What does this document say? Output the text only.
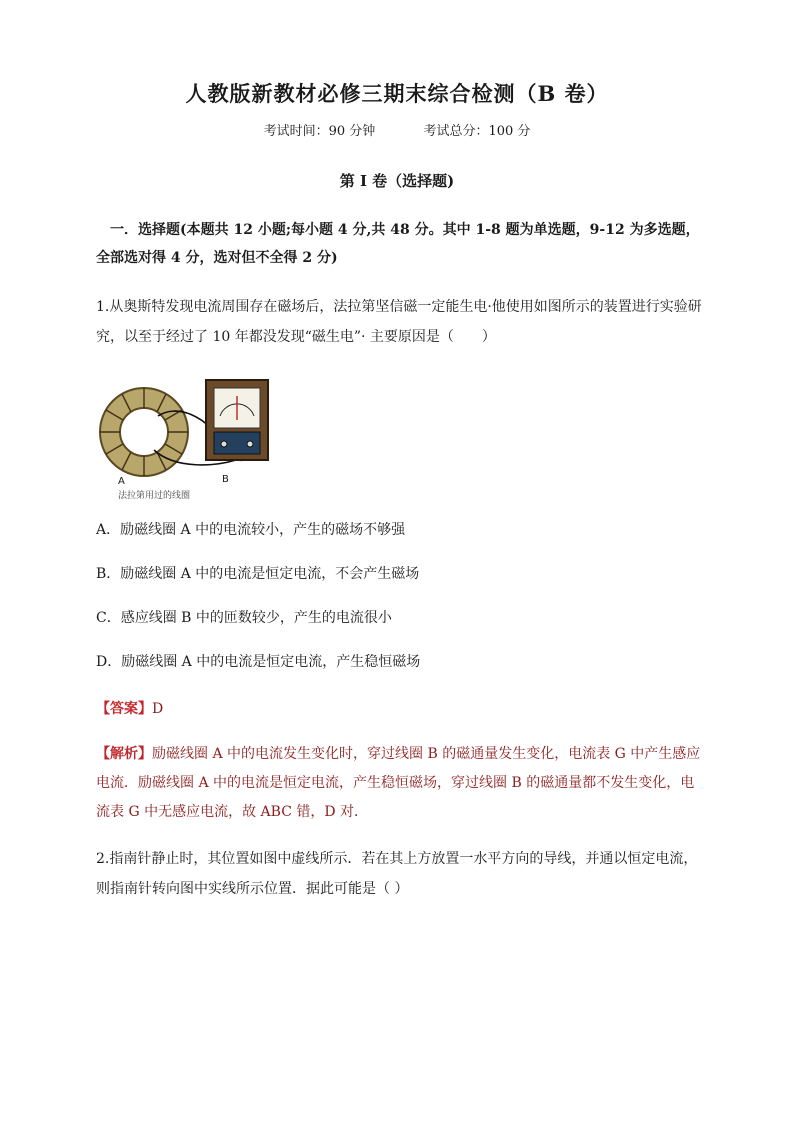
人教版新教材必修三期末综合检测（B 卷）
考试时间：90 分钟	考试总分：100 分
第 I 卷（选择题)
一．选择题(本题共 12 小题;每小题 4 分,共 48 分。其中 1-8 题为单选题，9-12 为多选题，全部选对得 4 分，选对但不全得 2 分)
1.从奥斯特发现电流周围存在磁场后，法拉第坚信磁一定能生电·他使用如图所示的装置进行实验研究，以至于经过了 10 年都没发现“磁生电”· 主要原因是（　　）
A	B
法拉第用过的线圈
A．励磁线圈 A 中的电流较小，产生的磁场不够强
B．励磁线圈 A 中的电流是恒定电流，不会产生磁场
C．感应线圈 B 中的匝数较少，产生的电流很小
D．励磁线圈 A 中的电流是恒定电流，产生稳恒磁场
【答案】D
【解析】励磁线圈 A 中的电流发生变化时，穿过线圈 B 的磁通量发生变化，电流表 G 中产生感应电流．励磁线圈 A 中的电流是恒定电流，产生稳恒磁场，穿过线圈 B 的磁通量都不发生变化，电流表 G 中无感应电流，故 ABC 错，D 对．
2.指南针静止时，其位置如图中虚线所示．若在其上方放置一水平方向的导线，并通以恒定电流，则指南针转向图中实线所示位置．据此可能是（ ）
